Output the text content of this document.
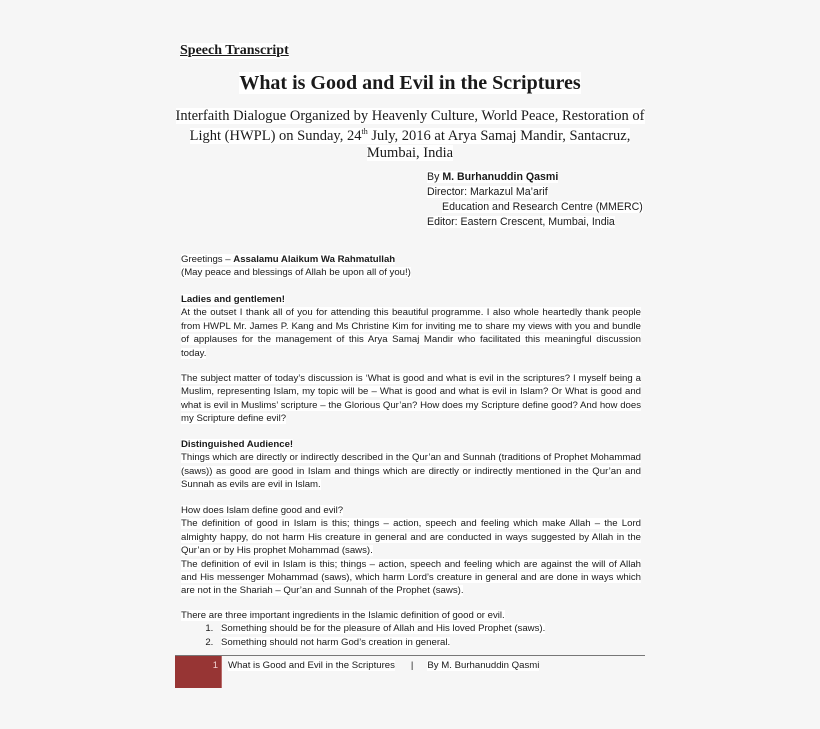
Speech Transcript
What is Good and Evil in the Scriptures
Interfaith Dialogue Organized by Heavenly Culture, World Peace, Restoration of
Light (HWPL) on Sunday, 24th July, 2016 at Arya Samaj Mandir, Santacruz,
Mumbai, India
By M. Burhanuddin Qasmi
Director: Markazul Ma’arif
Education and Research Centre (MMERC)
Editor: Eastern Crescent, Mumbai, India

Greetings – Assalamu Alaikum Wa Rahmatullah

(May peace and blessings of Allah be upon all of you!)

Ladies and gentlemen!

At the outset I thank all of you for attending this beautiful programme. I also whole heartedly thank people from HWPL Mr. James P. Kang and Ms Christine Kim for inviting me to share my views with you and bundle of applauses for the management of this Arya Samaj Mandir who facilitated this meaningful discussion today.

The subject matter of today’s discussion is ‘What is good and what is evil in the scriptures? I myself being a Muslim, representing Islam, my topic will be – What is good and what is evil in Islam? Or What is good and what is evil in Muslims’ scripture – the Glorious Qur’an? How does my Scripture define good? And how does my Scripture define evil?

Distinguished Audience!

Things which are directly or indirectly described in the Qur’an and Sunnah (traditions of Prophet Mohammad (saws)) as good are good in Islam and things which are directly or indirectly mentioned in the Qur’an and Sunnah as evils are evil in Islam.

How does Islam define good and evil?

The definition of good in Islam is this; things – action, speech and feeling which make Allah – the Lord almighty happy, do not harm His creature in general and are conducted in ways suggested by Allah in the Qur’an or by His prophet Mohammad (saws).

The definition of evil in Islam is this; things – action, speech and feeling which are against the will of Allah and His messenger Mohammad (saws), which harm Lord’s creature in general and are done in ways which are not in the Shariah – Qur’an and Sunnah of the Prophet (saws).

There are three important ingredients in the Islamic definition of good or evil.

1. Something should be for the pleasure of Allah and His loved Prophet (saws).
2. Something should not harm God’s creation in general.
1 What is Good and Evil in the Scriptures | By M. Burhanuddin Qasmi
